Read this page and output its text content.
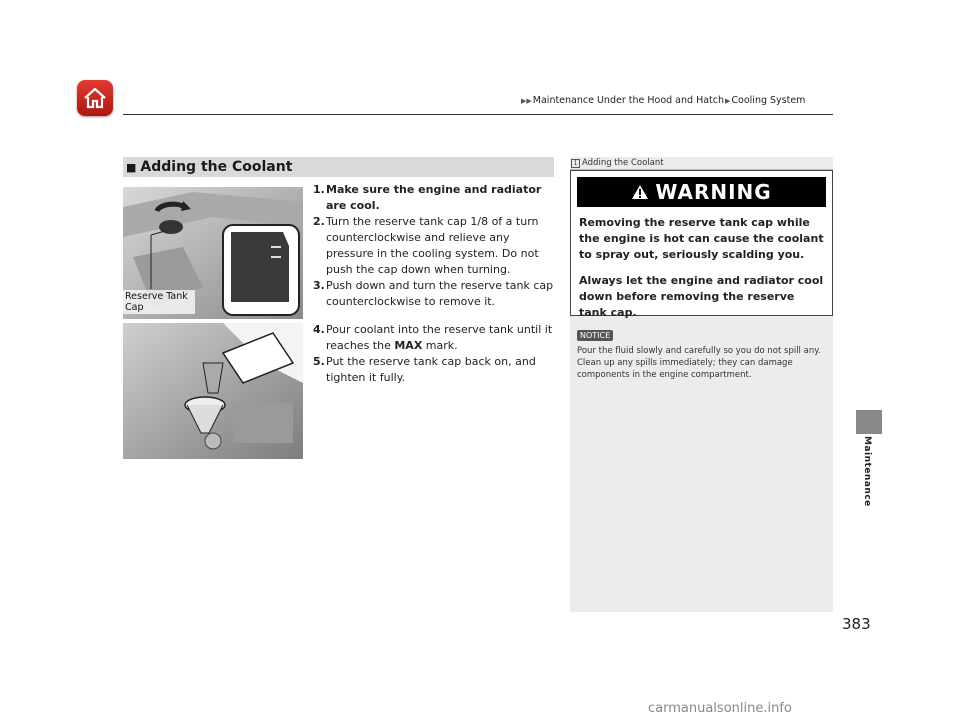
▶▶ Maintenance Under the Hood and Hatch ▶ Cooling System
■ Adding the Coolant
Reserve Tank Cap
1. Make sure the engine and radiator are cool.
2. Turn the reserve tank cap 1/8 of a turn counterclockwise and relieve any pressure in the cooling system. Do not push the cap down when turning.
3. Push down and turn the reserve tank cap counterclockwise to remove it.
4. Pour coolant into the reserve tank until it reaches the MAX mark.
5. Put the reserve tank cap back on, and tighten it fully.
1 Adding the Coolant
WARNING

Removing the reserve tank cap while the engine is hot can cause the coolant to spray out, seriously scalding you.

Always let the engine and radiator cool down before removing the reserve tank cap.

NOTICE
Pour the fluid slowly and carefully so you do not spill any. Clean up any spills immediately; they can damage components in the engine compartment.
Maintenance
383
carmanualsonline.info
